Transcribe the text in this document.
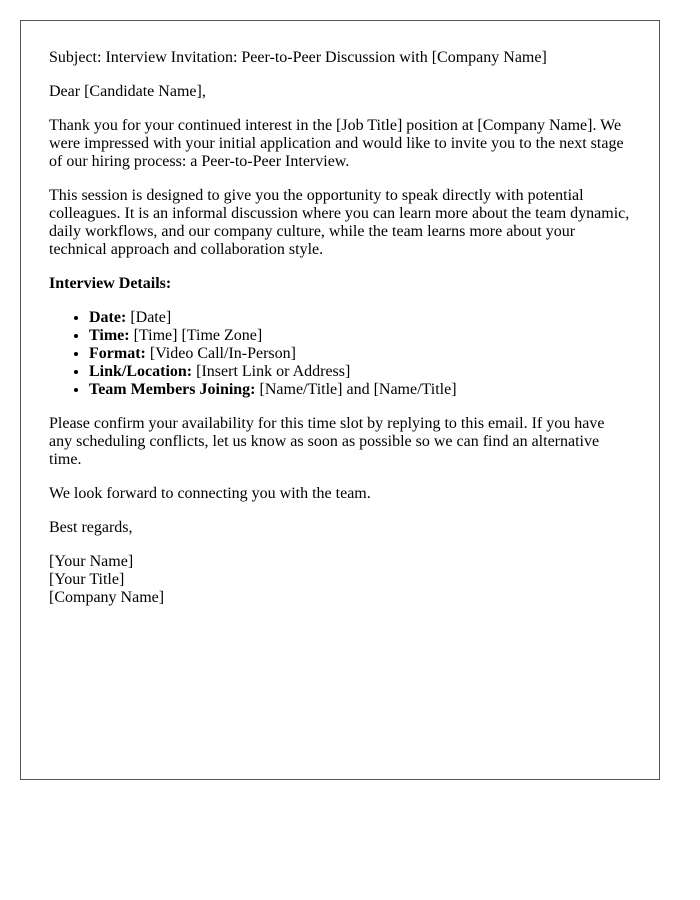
Subject: Interview Invitation: Peer-to-Peer Discussion with [Company Name]

Dear [Candidate Name],

Thank you for your continued interest in the [Job Title] position at [Company Name]. We were impressed with your initial application and would like to invite you to the next stage of our hiring process: a Peer-to-Peer Interview.

This session is designed to give you the opportunity to speak directly with potential colleagues. It is an informal discussion where you can learn more about the team dynamic, daily workflows, and our company culture, while the team learns more about your technical approach and collaboration style.

Interview Details:
• Date: [Date]
• Time: [Time] [Time Zone]
• Format: [Video Call/In-Person]
• Link/Location: [Insert Link or Address]
• Team Members Joining: [Name/Title] and [Name/Title]

Please confirm your availability for this time slot by replying to this email. If you have any scheduling conflicts, let us know as soon as possible so we can find an alternative time.

We look forward to connecting you with the team.

Best regards,

[Your Name]
[Your Title]
[Company Name]
